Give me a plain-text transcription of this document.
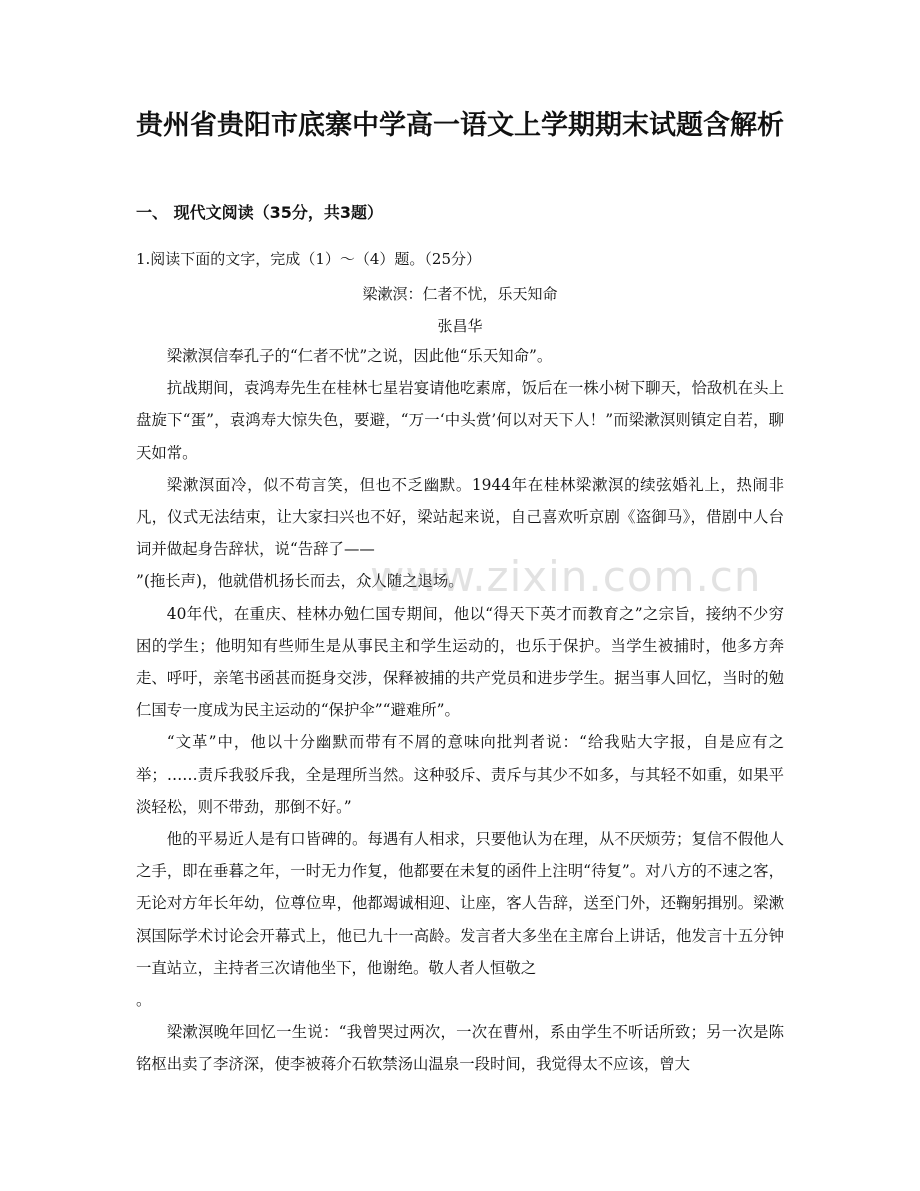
贵州省贵阳市底寨中学高一语文上学期期末试题含解析
一、 现代文阅读（35分，共3题）
1.阅读下面的文字，完成（1）～（4）题。（25分）
梁漱溟：仁者不忧，乐天知命
张昌华

梁漱溟信奉孔子的“仁者不忧”之说，因此他“乐天知命”。

抗战期间，袁鸿寿先生在桂林七星岩宴请他吃素席，饭后在一株小树下聊天，恰敌机在头上盘旋下“蛋”，袁鸿寿大惊失色，要避，“万一‘中头赏’何以对天下人！”而梁漱溟则镇定自若，聊天如常。

梁漱溟面冷，似不苟言笑，但也不乏幽默。1944年在桂林梁漱溟的续弦婚礼上，热闹非凡，仪式无法结束，让大家扫兴也不好，梁站起来说，自己喜欢听京剧《盗御马》，借剧中人台词并做起身告辞状，说“告辞了——

”(拖长声)，他就借机扬长而去，众人随之退场。

40年代，在重庆、桂林办勉仁国专期间，他以“得天下英才而教育之”之宗旨，接纳不少穷困的学生；他明知有些师生是从事民主和学生运动的，也乐于保护。当学生被捕时，他多方奔走、呼吁，亲笔书函甚而挺身交涉，保释被捕的共产党员和进步学生。据当事人回忆，当时的勉仁国专一度成为民主运动的“保护伞”“避难所”。

“文革”中，他以十分幽默而带有不屑的意味向批判者说：“给我贴大字报，自是应有之举；……责斥我驳斥我，全是理所当然。这种驳斥、责斥与其少不如多，与其轻不如重，如果平淡轻松，则不带劲，那倒不好。”

他的平易近人是有口皆碑的。每遇有人相求，只要他认为在理，从不厌烦劳；复信不假他人之手，即在垂暮之年，一时无力作复，他都要在未复的函件上注明“待复”。对八方的不速之客，无论对方年长年幼，位尊位卑，他都竭诚相迎、让座，客人告辞，送至门外，还鞠躬揖别。梁漱溟国际学术讨论会开幕式上，他已九十一高龄。发言者大多坐在主席台上讲话，他发言十五分钟一直站立，主持者三次请他坐下，他谢绝。敬人者人恒敬之

。

梁漱溟晚年回忆一生说：“我曾哭过两次，一次在曹州，系由学生不听话所致；另一次是陈铭枢出卖了李济深，使李被蒋介石软禁汤山温泉一段时间，我觉得太不应该，曾大

www.zixin.com.cn
